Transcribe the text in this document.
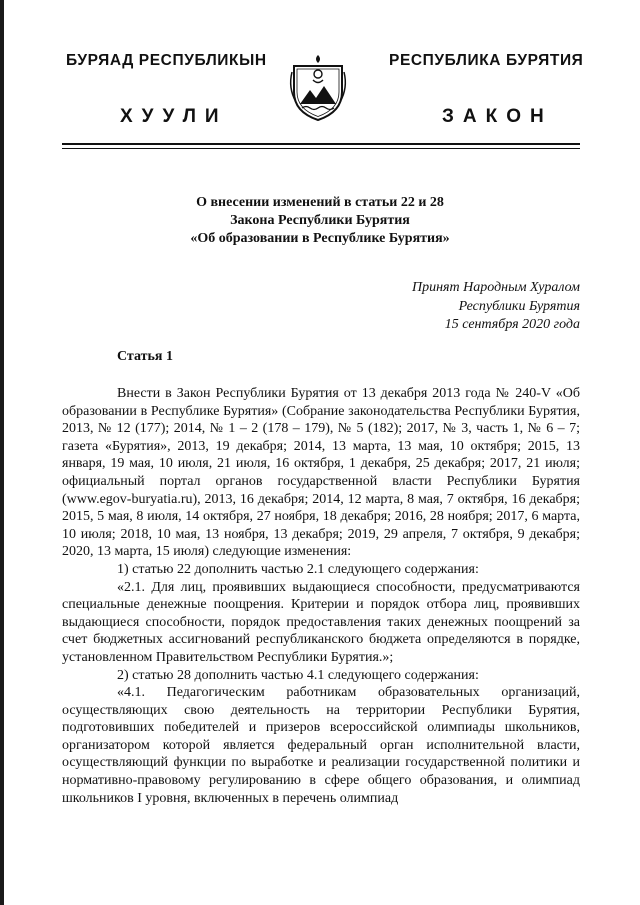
БУРЯАД РЕСПУБЛИКЫН	РЕСПУБЛИКА БУРЯТИЯ
ХУУЛИ	ЗАКОН
О внесении изменений в статьи 22 и 28
Закона Республики Бурятия
«Об образовании в Республике Бурятия»
Принят Народным Хуралом
Республики Бурятия
15 сентября 2020 года
Статья 1

Внести в Закон Республики Бурятия от 13 декабря 2013 года № 240-V «Об образовании в Республике Бурятия» (Собрание законодательства Республики Бурятия, 2013, № 12 (177); 2014, № 1 – 2 (178 – 179), № 5 (182); 2017, № 3, часть 1, № 6 – 7; газета «Бурятия», 2013, 19 декабря; 2014, 13 марта, 13 мая, 10 октября; 2015, 13 января, 19 мая, 10 июля, 21 июля, 16 октября, 1 декабря, 25 декабря; 2017, 21 июля; официальный портал органов государственной власти Республики Бурятия (www.egov-buryatia.ru), 2013, 16 декабря; 2014, 12 марта, 8 мая, 7 октября, 16 декабря; 2015, 5 мая, 8 июля, 14 октября, 27 ноября, 18 декабря; 2016, 28 ноября; 2017, 6 марта, 10 июля; 2018, 10 мая, 13 ноября, 13 декабря; 2019, 29 апреля, 7 октября, 9 декабря; 2020, 13 марта, 15 июля) следующие изменения:

1) статью 22 дополнить частью 2.1 следующего содержания:

«2.1. Для лиц, проявивших выдающиеся способности, предусматриваются специальные денежные поощрения. Критерии и порядок отбора лиц, проявивших выдающиеся способности, порядок предоставления таких денежных поощрений за счет бюджетных ассигнований республиканского бюджета определяются в порядке, установленном Правительством Республики Бурятия.»;

2) статью 28 дополнить частью 4.1 следующего содержания:

«4.1. Педагогическим работникам образовательных организаций, осуществляющих свою деятельность на территории Республики Бурятия, подготовивших победителей и призеров всероссийской олимпиады школьников, организатором которой является федеральный орган исполнительной власти, осуществляющий функции по выработке и реализации государственной политики и нормативно-правовому регулированию в сфере общего образования, и олимпиад школьников I уровня, включенных в перечень олимпиад
